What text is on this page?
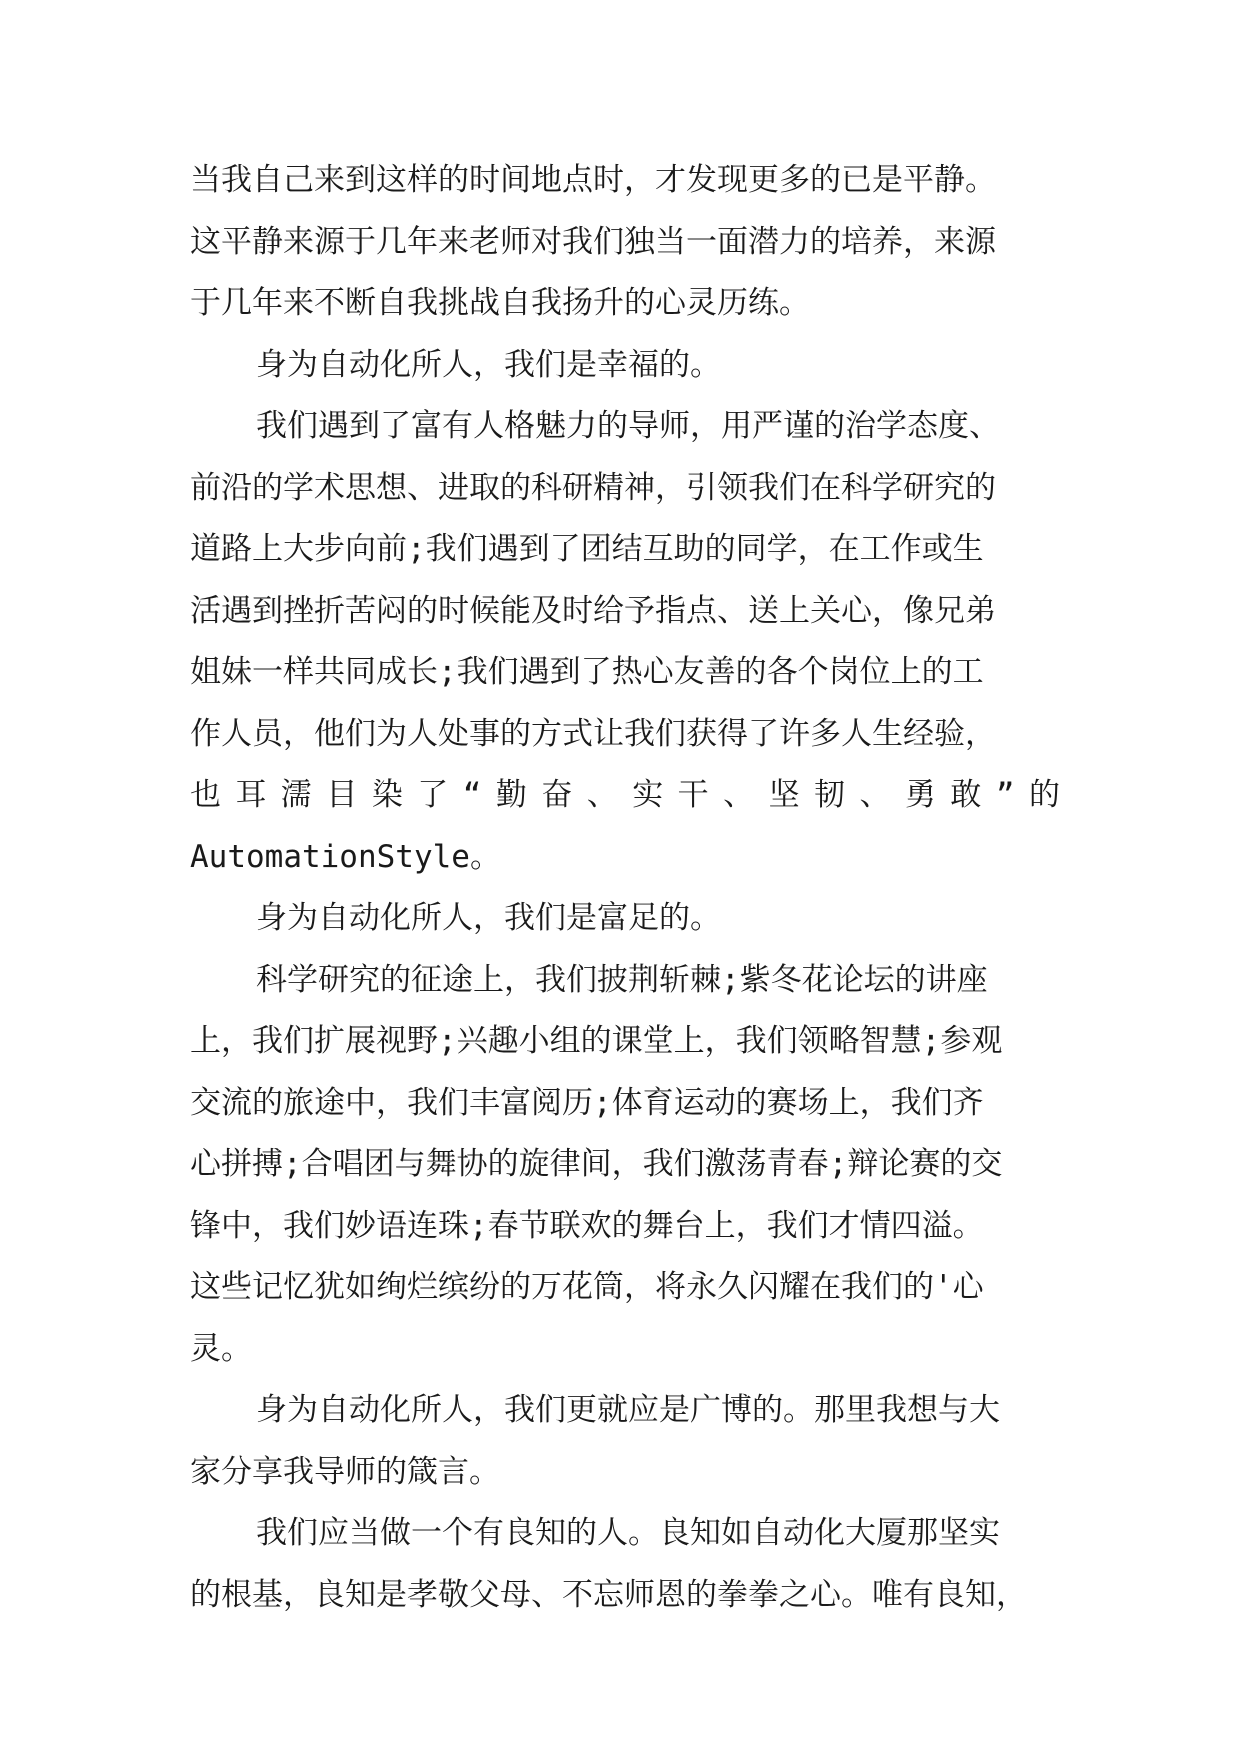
当我自己来到这样的时间地点时，才发现更多的已是平静。
这平静来源于几年来老师对我们独当一面潜力的培养，来源
于几年来不断自我挑战自我扬升的心灵历练。
身为自动化所人，我们是幸福的。
我们遇到了富有人格魅力的导师，用严谨的治学态度、
前沿的学术思想、进取的科研精神，引领我们在科学研究的
道路上大步向前;我们遇到了团结互助的同学，在工作或生
活遇到挫折苦闷的时候能及时给予指点、送上关心，像兄弟
姐妹一样共同成长;我们遇到了热心友善的各个岗位上的工
作人员，他们为人处事的方式让我们获得了许多人生经验，
也耳濡目染了“勤奋、实干、坚韧、勇敢”的
AutomationStyle。
身为自动化所人，我们是富足的。
科学研究的征途上，我们披荆斩棘;紫冬花论坛的讲座
上，我们扩展视野;兴趣小组的课堂上，我们领略智慧;参观
交流的旅途中，我们丰富阅历;体育运动的赛场上，我们齐
心拼搏;合唱团与舞协的旋律间，我们激荡青春;辩论赛的交
锋中，我们妙语连珠;春节联欢的舞台上，我们才情四溢。
这些记忆犹如绚烂缤纷的万花筒，将永久闪耀在我们的'心
灵。
身为自动化所人，我们更就应是广博的。那里我想与大
家分享我导师的箴言。
我们应当做一个有良知的人。良知如自动化大厦那坚实
的根基，良知是孝敬父母、不忘师恩的拳拳之心。唯有良知，
